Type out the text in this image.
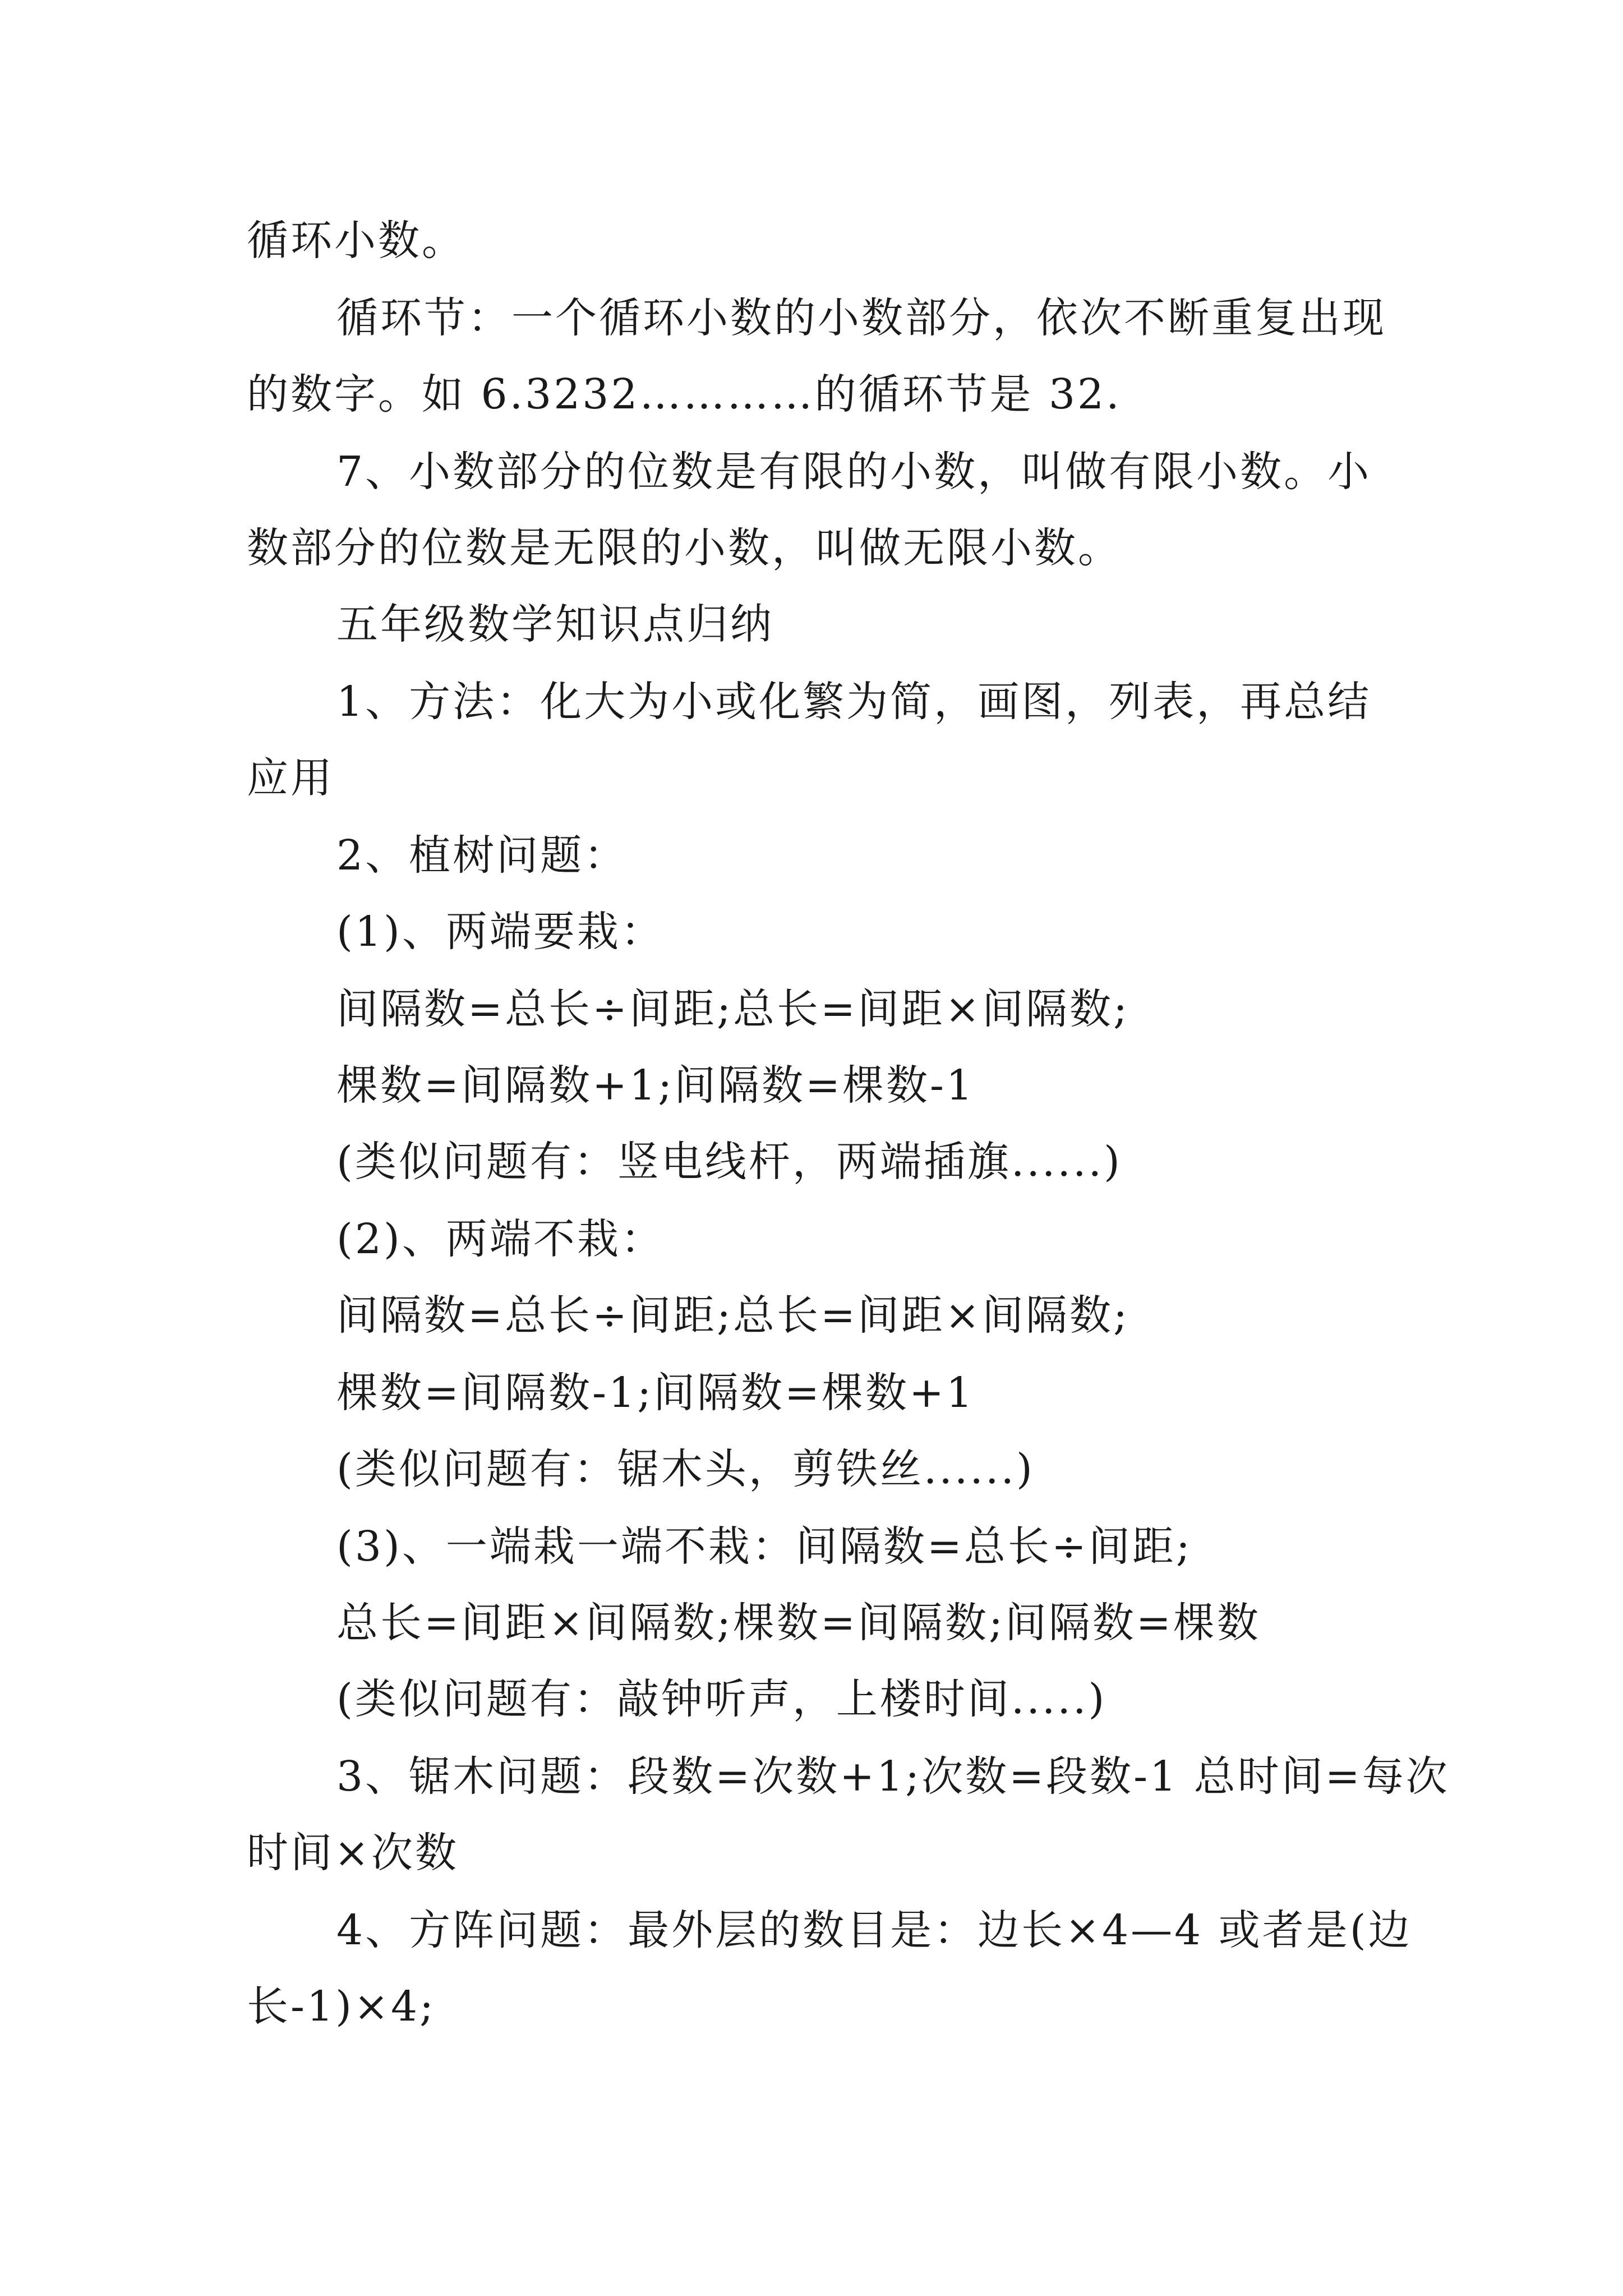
循环小数。

循环节：一个循环小数的小数部分，依次不断重复出现

的数字。如 6.3232…………的循环节是 32.

7、小数部分的位数是有限的小数，叫做有限小数。小

数部分的位数是无限的小数，叫做无限小数。

五年级数学知识点归纳

1、方法：化大为小或化繁为简，画图，列表，再总结

应用

2、植树问题：

(1)、两端要栽：

间隔数=总长÷间距;总长=间距×间隔数;

棵数=间隔数+1;间隔数=棵数-1

(类似问题有：竖电线杆，两端插旗......)

(2)、两端不栽：

间隔数=总长÷间距;总长=间距×间隔数;

棵数=间隔数-1;间隔数=棵数+1

(类似问题有：锯木头，剪铁丝......)

(3)、一端栽一端不栽：间隔数=总长÷间距;

总长=间距×间隔数;棵数=间隔数;间隔数=棵数

(类似问题有：敲钟听声，上楼时间.....)

3、锯木问题：段数=次数+1;次数=段数-1 总时间=每次

时间×次数

4、方阵问题：最外层的数目是：边长×4—4 或者是(边

长-1)×4;
